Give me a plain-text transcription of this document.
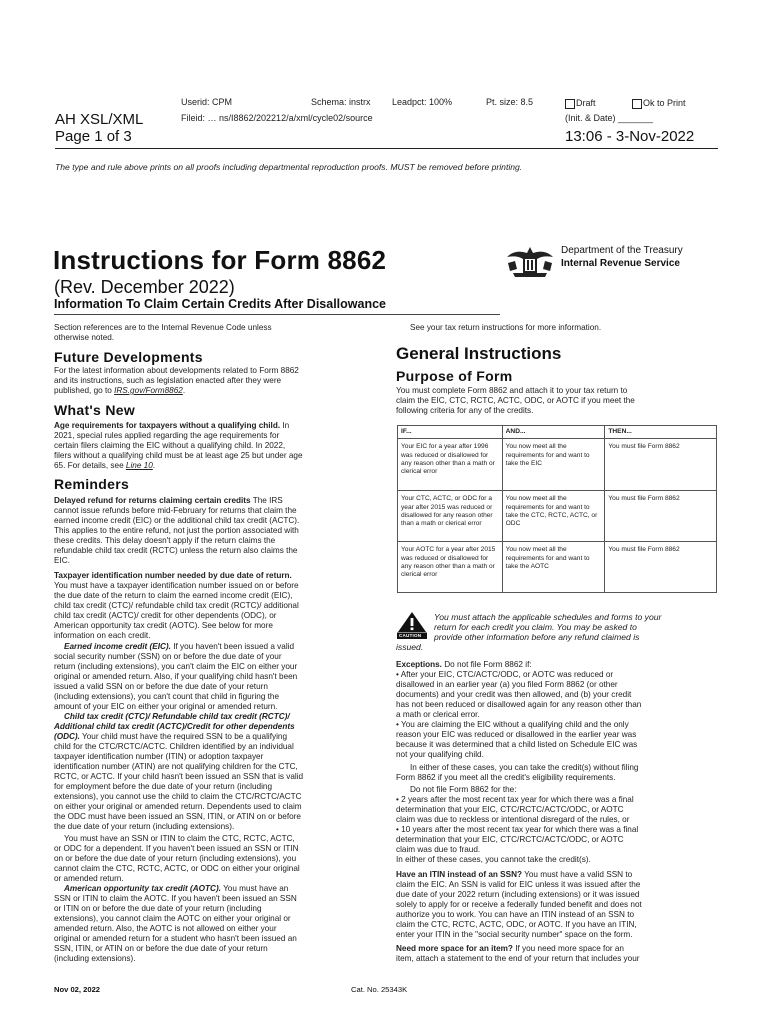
AH XSL/XML
Page 1 of 3
Userid: CPM	Schema: instrx Leadpct: 100%	Pt. size: 8.5	Draft	Ok to Print
Fileid: … ns/I8862/202212/a/xml/cycle02/source	(Init. & Date) _______
13:06 - 3-Nov-2022
The type and rule above prints on all proofs including departmental reproduction proofs. MUST be removed before printing.
Instructions for Form 8862
(Rev. December 2022)
Information To Claim Certain Credits After Disallowance
Department of the Treasury
Internal Revenue Service
Section references are to the Internal Revenue Code unless
otherwise noted.
See your tax return instructions for more information.
Future Developments
For the latest information about developments related to Form 8862
and its instructions, such as legislation enacted after they were
published, go to IRS.gov/Form8862.
What's New
Age requirements for taxpayers without a qualifying child. In
2021, special rules applied regarding the age requirements for
certain filers claiming the EIC without a qualifying child. In 2022,
filers without a qualifying child must be at least age 25 but under age
65. For details, see Line 10.
Reminders
Delayed refund for returns claiming certain credits The IRS
cannot issue refunds before mid-February for returns that claim the
earned income credit (EIC) or the additional child tax credit (ACTC).
This applies to the entire refund, not just the portion associated with
these credits. This delay doesn't apply if the return claims the
refundable child tax credit (RCTC) unless the return also claims the
EIC.
Taxpayer identification number needed by due date of return.
You must have a taxpayer identification number issued on or before
the due date of the return to claim the earned income credit (EIC),
child tax credit (CTC)/ refundable child tax credit (RCTC)/ additional
child tax credit (ACTC)/ credit for other dependents (ODC), or
American opportunity tax credit (AOTC). See below for more
information on each credit.
Earned income credit (EIC). If you haven't been issued a valid
social security number (SSN) on or before the due date of your
return (including extensions), you can't claim the EIC on either your
original or amended return. Also, if your qualifying child hasn't been
issued a valid SSN on or before the due date of your return
(including extensions), you can't count that child in figuring the
amount of your EIC on either your original or amended return.
Child tax credit (CTC)/ Refundable child tax credit (RCTC)/
Additional child tax credit (ACTC)/Credit for other dependents
(ODC). Your child must have the required SSN to be a qualifying
child for the CTC/RCTC/ACTC. Children identified by an individual
taxpayer identification number (ITIN) or adoption taxpayer
identification number (ATIN) are not qualifying children for the CTC,
RCTC, or ACTC. If your child hasn't been issued an SSN that is valid
for employment before the due date of your return (including
extensions), you cannot use the child to claim the CTC/RCTC/ACTC
on either your original or amended return. Dependents used to claim
the ODC must have been issued an SSN, ITIN, or ATIN on or before
the due date of your return (including extensions).
You must have an SSN or ITIN to claim the CTC, RCTC, ACTC,
or ODC for a dependent. If you haven't been issued an SSN or ITIN
on or before the due date of your return (including extensions), you
cannot claim the CTC, RCTC, ACTC, or ODC on either your original
or amended return.
American opportunity tax credit (AOTC). You must have an
SSN or ITIN to claim the AOTC. If you haven't been issued an SSN
or ITIN on or before the due date of your return (including
extensions), you cannot claim the AOTC on either your original or
amended return. Also, the AOTC is not allowed on either your
original or amended return for a student who hasn't been issued an
SSN, ITIN, or ATIN on or before the due date of your return
(including extensions).
General Instructions
Purpose of Form
You must complete Form 8862 and attach it to your tax return to
claim the EIC, CTC, RCTC, ACTC, ODC, or AOTC if you meet the
following criteria for any of the credits.
IF...	AND...	THEN...
Your EIC for a year after 1996 was reduced or disallowed for any reason other than a math or clerical error	You now meet all the requirements for and want to take the EIC	You must file Form 8862
Your CTC, ACTC, or ODC for a year after 2015 was reduced or disallowed for any reason other than a math or clerical error	You now meet all the requirements for and want to take the CTC, RCTC, ACTC, or ODC	You must file Form 8862
Your AOTC for a year after 2015 was reduced or disallowed for any reason other than a math or clerical error	You now meet all the requirements for and want to take the AOTC	You must file Form 8862
CAUTION
You must attach the applicable schedules and forms to your
return for each credit you claim. You may be asked to
provide other information before any refund claimed is
issued.
Exceptions. Do not file Form 8862 if:
• After your EIC, CTC/ACTC/ODC, or AOTC was reduced or
disallowed in an earlier year (a) you filed Form 8862 (or other
documents) and your credit was then allowed, and (b) your credit
has not been reduced or disallowed again for any reason other than
a math or clerical error.
• You are claiming the EIC without a qualifying child and the only
reason your EIC was reduced or disallowed in the earlier year was
because it was determined that a child listed on Schedule EIC was
not your qualifying child.
In either of these cases, you can take the credit(s) without filing
Form 8862 if you meet all the credit's eligibility requirements.
Do not file Form 8862 for the:
• 2 years after the most recent tax year for which there was a final
determination that your EIC, CTC/RCTC/ACTC/ODC, or AOTC
claim was due to reckless or intentional disregard of the rules, or
• 10 years after the most recent tax year for which there was a final
determination that your EIC, CTC/RCTC/ACTC/ODC, or AOTC
claim was due to fraud.
In either of these cases, you cannot take the credit(s).
Have an ITIN instead of an SSN? You must have a valid SSN to
claim the EIC. An SSN is valid for EIC unless it was issued after the
due date of your 2022 return (including extensions) or it was issued
solely to apply for or receive a federally funded benefit and does not
authorize you to work. You can have an ITIN instead of an SSN to
claim the CTC, RCTC, ACTC, ODC, or AOTC. If you have an ITIN,
enter your ITIN in the "social security number" space on the form.
Need more space for an item? If you need more space for an
item, attach a statement to the end of your return that includes your
Nov 02, 2022	Cat. No. 25343K
